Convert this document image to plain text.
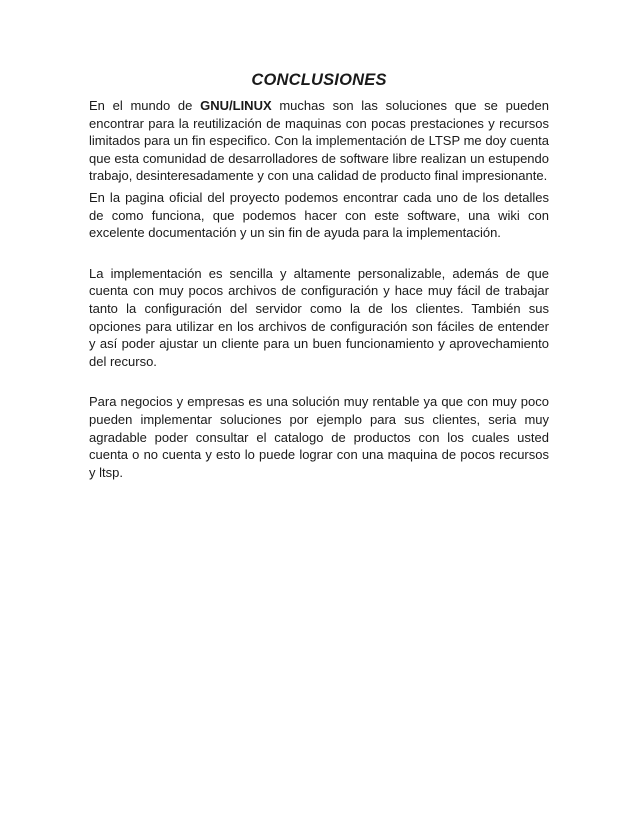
CONCLUSIONES

En el mundo de GNU/LINUX muchas son las soluciones que se pueden encontrar para la reutilización de maquinas con pocas prestaciones y recursos limitados para un fin especifico. Con la implementación de LTSP me doy cuenta que esta comunidad de desarrolladores de software libre realizan un estupendo trabajo, desinteresadamente y con una calidad de producto final impresionante.

En la pagina oficial del proyecto podemos encontrar cada uno de los detalles de como funciona, que podemos hacer con este software, una wiki con excelente documentación y un sin fin de ayuda para la implementación.

La implementación es sencilla y altamente personalizable, además de que cuenta con muy pocos archivos de configuración y hace muy fácil de trabajar tanto la configuración del servidor como la de los clientes. También sus opciones para utilizar en los archivos de configuración son fáciles de entender y así poder ajustar un cliente para un buen funcionamiento y aprovechamiento del recurso.

Para negocios y empresas es una solución muy rentable ya que con muy poco pueden implementar soluciones por ejemplo para sus clientes, seria muy agradable poder consultar el catalogo de productos con los cuales usted cuenta o no cuenta y esto lo puede lograr con una maquina de pocos recursos y ltsp.
